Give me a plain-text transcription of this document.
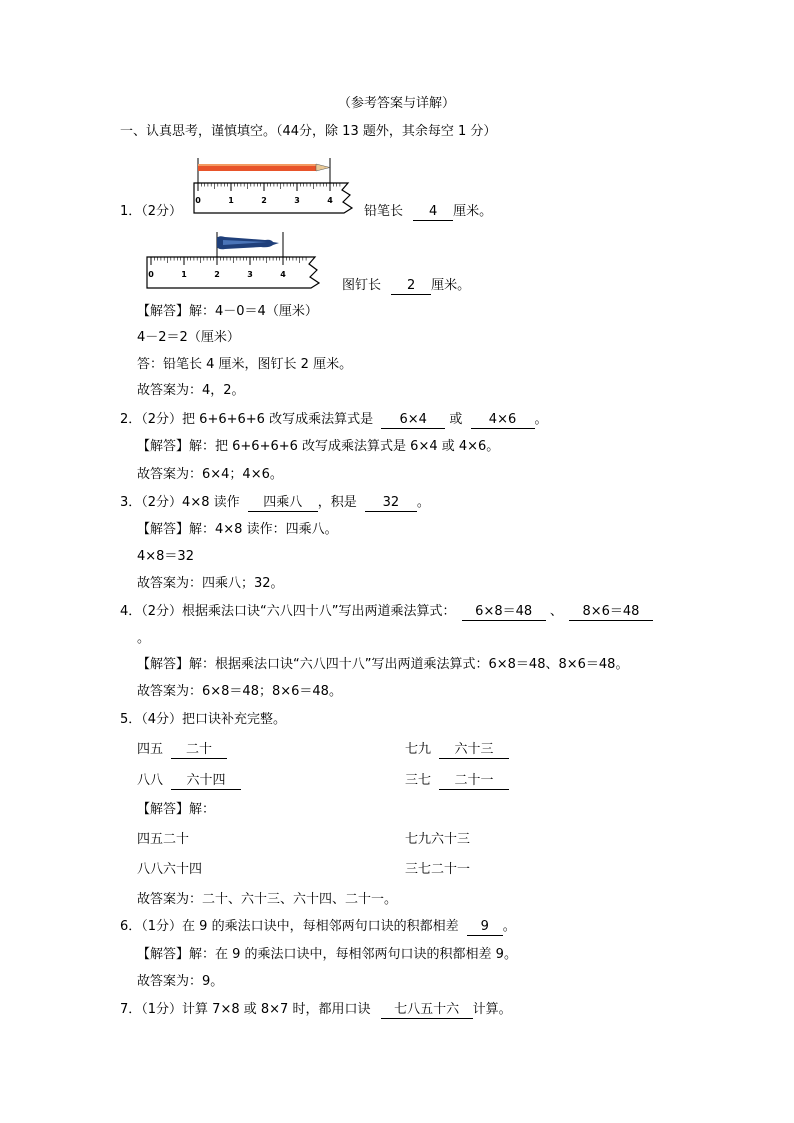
（参考答案与详解）
一、认真思考，谨慎填空。（44分，除 13 题外，其余每空 1 分）
0	1	2	3	4
1．（2分）	铅笔长 4 厘米。
0	1	2	3	4
图钉长 2 厘米。
【解答】解：4－0＝4（厘米）
4－2＝2（厘米）
答：铅笔长 4 厘米，图钉长 2 厘米。
故答案为：4，2。
2．（2分）把 6+6+6+6 改写成乘法算式是 6×4 或 4×6 。
【解答】解：把 6+6+6+6 改写成乘法算式是 6×4 或 4×6。
故答案为：6×4；4×6。
3．（2分）4×8 读作 四乘八 ，积是 32 。
【解答】解：4×8 读作：四乘八。
4×8＝32
故答案为：四乘八；32。
4．（2分）根据乘法口诀“六八四十八”写出两道乘法算式： 6×8＝48 、 8×6＝48
。
【解答】解：根据乘法口诀“六八四十八”写出两道乘法算式：6×8＝48、8×6＝48。
故答案为：6×8＝48；8×6＝48。
5．（4分）把口诀补充完整。
四五 二十	七九 六十三
八八 六十四	三七 二十一
【解答】解：
四五二十	七九六十三
八八六十四	三七二十一
故答案为：二十、六十三、六十四、二十一。
6．（1分）在 9 的乘法口诀中，每相邻两句口诀的积都相差 9 。
【解答】解：在 9 的乘法口诀中，每相邻两句口诀的积都相差 9。
故答案为：9。
7．（1分）计算 7×8 或 8×7 时，都用口诀 七八五十六 计算。
